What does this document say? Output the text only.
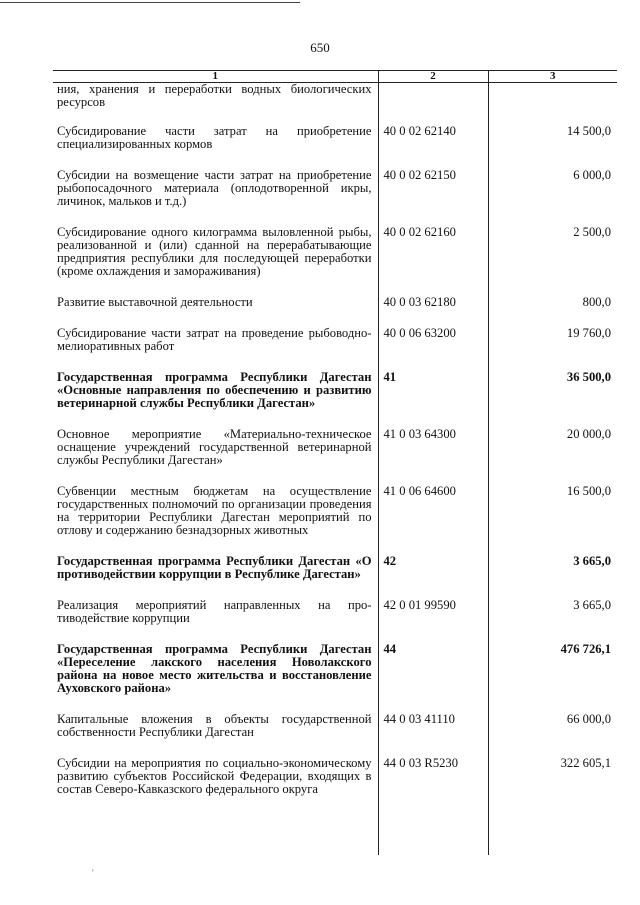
650
1	2	3
ния, хранения и переработки водных биологических ресурсов		
Субсидирование части затрат на приобретение специализированных кормов	40 0 02 62140	14 500,0
Субсидии на возмещение части затрат на приобретение рыбопосадочного материала (оплодотворенной икры, личинок, мальков и т.д.)	40 0 02 62150	6 000,0
Субсидирование одного килограмма выловленной рыбы, реализованной и (или) сданной на перерабатывающие предприятия республики для последующей переработки (кроме охлаждения и замораживания)	40 0 02 62160	2 500,0
Развитие выставочной деятельности	40 0 03 62180	800,0
Субсидирование части затрат на проведение рыбоводно-мелиоративных работ	40 0 06 63200	19 760,0
Государственная программа Республики Дагестан «Основные направления по обеспечению и развитию ветеринарной службы Республики Дагестан»	41	36 500,0
Основное мероприятие «Материально-техническое оснащение учреждений государственной ветеринарной службы Республики Дагестан»	41 0 03 64300	20 000,0
Субвенции местным бюджетам на осуществление государственных полномочий по организации проведения на территории Республики Дагестан мероприятий по отлову и содержанию безнадзорных животных	41 0 06 64600	16 500,0
Государственная программа Республики Дагестан «О противодействии коррупции в Республике Дагестан»	42	3 665,0
Реализация мероприятий направленных на противодействие коррупции	42 0 01 99590	3 665,0
Государственная программа Республики Дагестан «Переселение лакского населения Новолакского района на новое место жительства и восстановление Ауховского района»	44	476 726,1
Капитальные вложения в объекты государственной собственности Республики Дагестан	44 0 03 41110	66 000,0
Субсидии на мероприятия по социально-экономическому развитию субъектов Российской Федерации, входящих в состав Северо-Кавказского федерального округа	44 0 03 R5230	322 605,1
'
